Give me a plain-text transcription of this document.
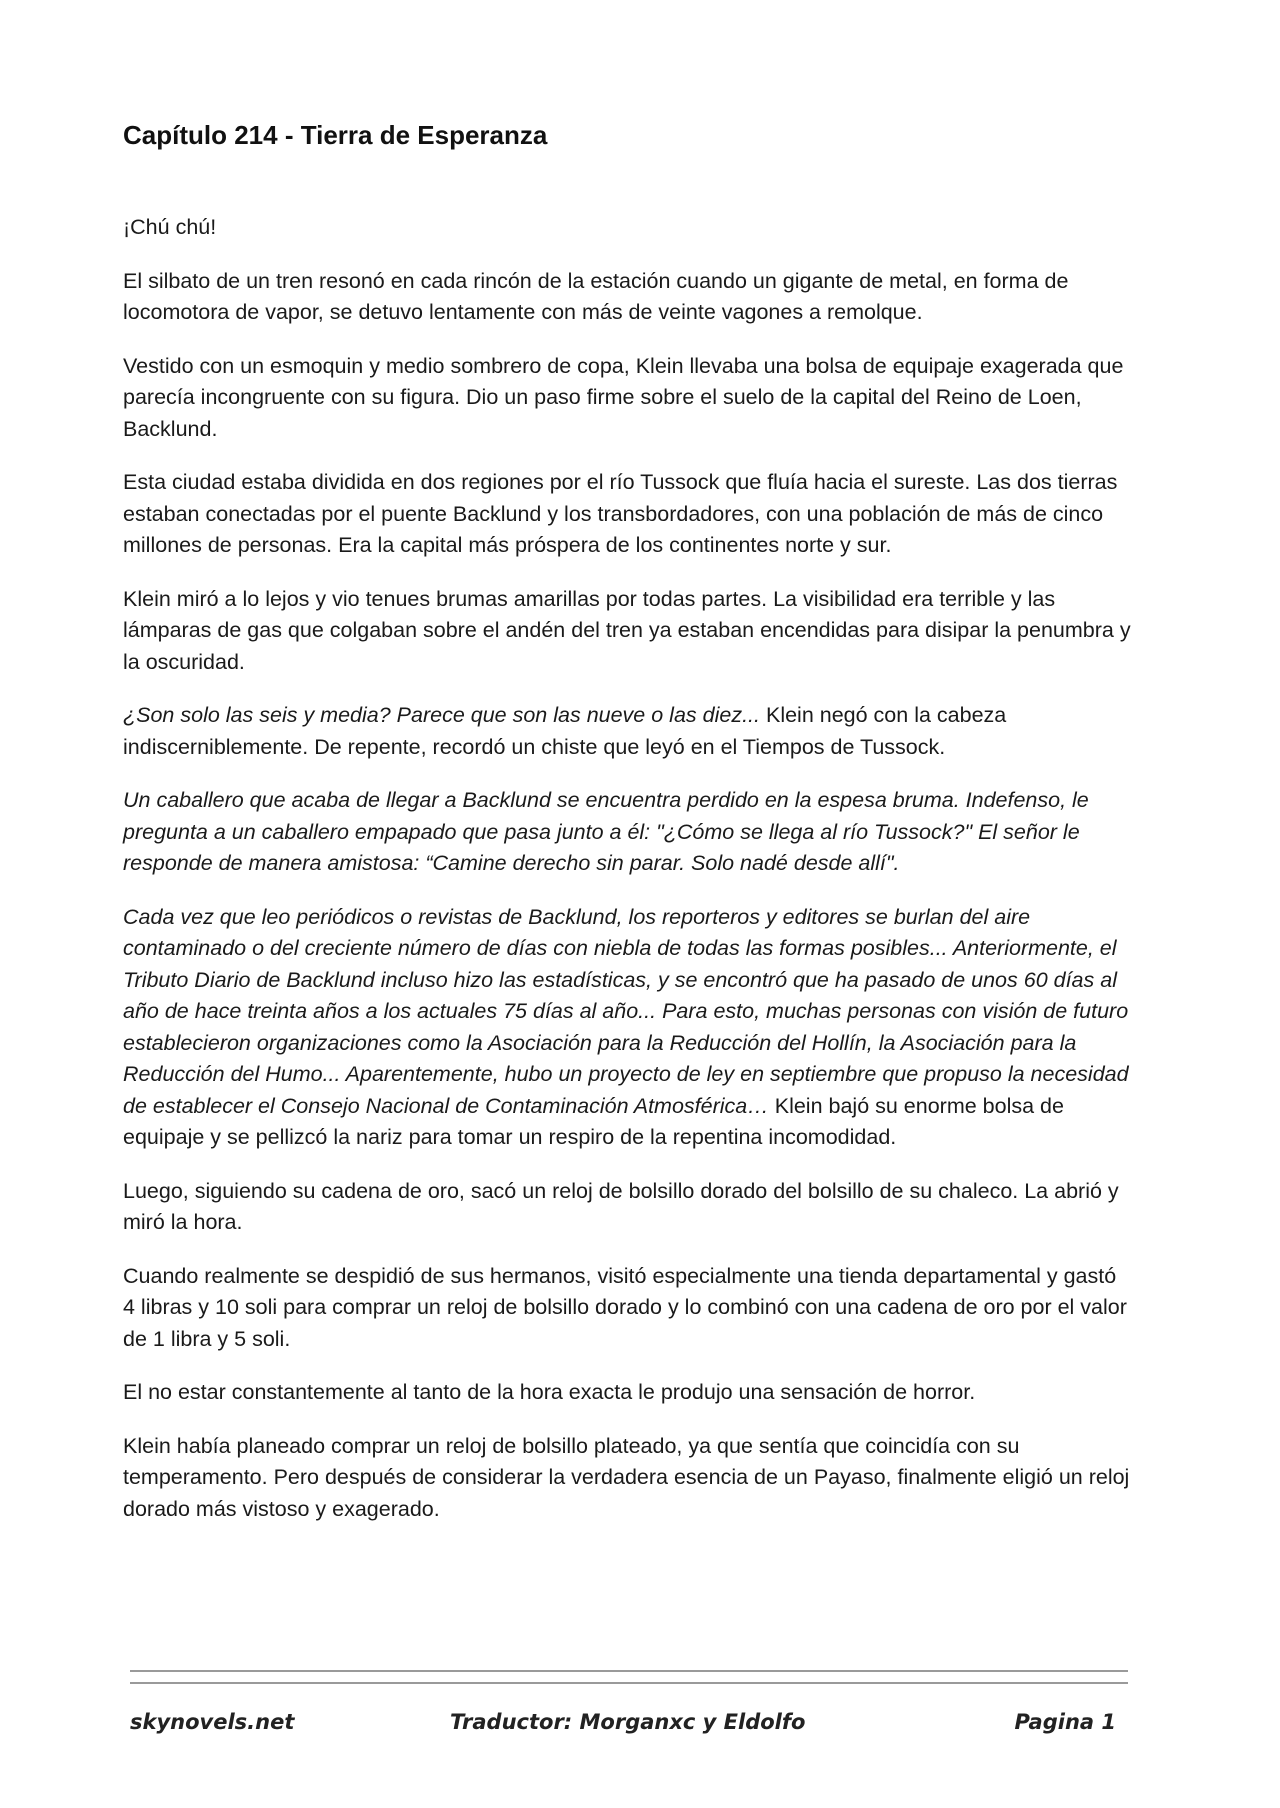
Capítulo 214 - Tierra de Esperanza

¡Chú chú!

El silbato de un tren resonó en cada rincón de la estación cuando un gigante de metal, en forma de locomotora de vapor, se detuvo lentamente con más de veinte vagones a remolque.

Vestido con un esmoquin y medio sombrero de copa, Klein llevaba una bolsa de equipaje exagerada que parecía incongruente con su figura. Dio un paso firme sobre el suelo de la capital del Reino de Loen, Backlund.

Esta ciudad estaba dividida en dos regiones por el río Tussock que fluía hacia el sureste. Las dos tierras estaban conectadas por el puente Backlund y los transbordadores, con una población de más de cinco millones de personas. Era la capital más próspera de los continentes norte y sur.

Klein miró a lo lejos y vio tenues brumas amarillas por todas partes. La visibilidad era terrible y las lámparas de gas que colgaban sobre el andén del tren ya estaban encendidas para disipar la penumbra y la oscuridad.

¿Son solo las seis y media? Parece que son las nueve o las diez... Klein negó con la cabeza indiscerniblemente. De repente, recordó un chiste que leyó en el Tiempos de Tussock.

Un caballero que acaba de llegar a Backlund se encuentra perdido en la espesa bruma. Indefenso, le pregunta a un caballero empapado que pasa junto a él: "¿Cómo se llega al río Tussock?" El señor le responde de manera amistosa: “Camine derecho sin parar. Solo nadé desde allí".

Cada vez que leo periódicos o revistas de Backlund, los reporteros y editores se burlan del aire contaminado o del creciente número de días con niebla de todas las formas posibles... Anteriormente, el Tributo Diario de Backlund incluso hizo las estadísticas, y se encontró que ha pasado de unos 60 días al año de hace treinta años a los actuales 75 días al año... Para esto, muchas personas con visión de futuro establecieron organizaciones como la Asociación para la Reducción del Hollín, la Asociación para la Reducción del Humo... Aparentemente, hubo un proyecto de ley en septiembre que propuso la necesidad de establecer el Consejo Nacional de Contaminación Atmosférica… Klein bajó su enorme bolsa de equipaje y se pellizcó la nariz para tomar un respiro de la repentina incomodidad.

Luego, siguiendo su cadena de oro, sacó un reloj de bolsillo dorado del bolsillo de su chaleco. La abrió y miró la hora.

Cuando realmente se despidió de sus hermanos, visitó especialmente una tienda departamental y gastó 4 libras y 10 soli para comprar un reloj de bolsillo dorado y lo combinó con una cadena de oro por el valor de 1 libra y 5 soli.

El no estar constantemente al tanto de la hora exacta le produjo una sensación de horror.

Klein había planeado comprar un reloj de bolsillo plateado, ya que sentía que coincidía con su temperamento. Pero después de considerar la verdadera esencia de un Payaso, finalmente eligió un reloj dorado más vistoso y exagerado.

skynovels.net	Traductor: Morganxc y Eldolfo	Pagina 1
